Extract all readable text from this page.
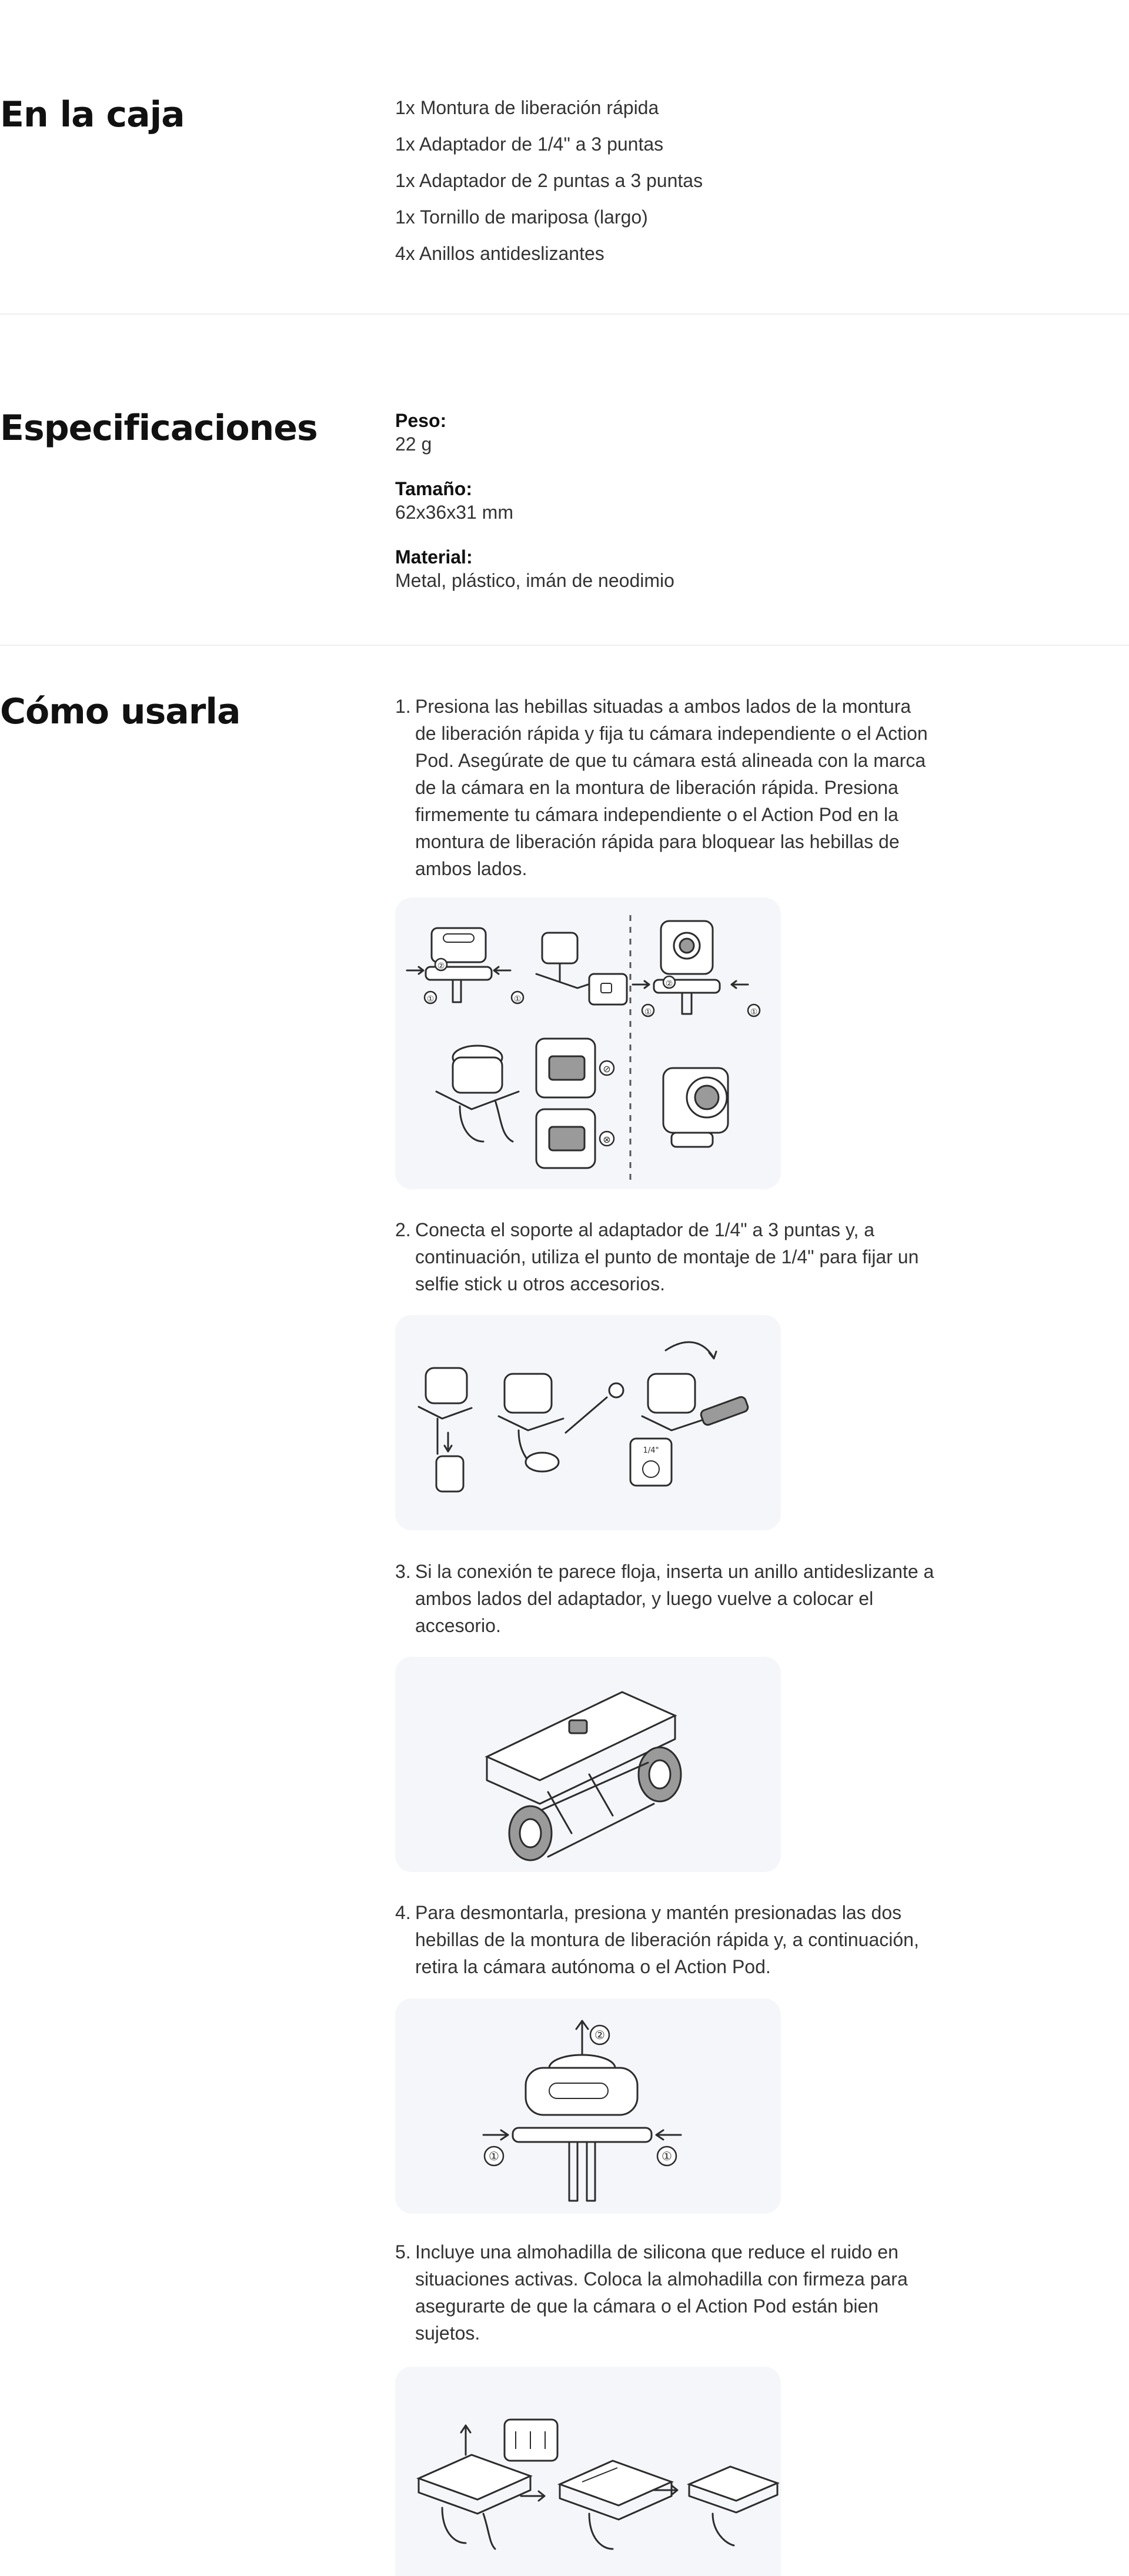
En la caja	1x Montura de liberación rápida
1x Adaptador de 1/4" a 3 puntas
1x Adaptador de 2 puntas a 3 puntas
1x Tornillo de mariposa (largo)
4x Anillos antideslizantes
Especificaciones	Peso:
22 g
Tamaño:
62x36x31 mm
Material:
Metal, plástico, imán de neodimio
Cómo usarla	1. Presiona las hebillas situadas a ambos lados de la montura de liberación rápida y fija tu cámara independiente o el Action Pod. Asegúrate de que tu cámara está alineada con la marca de la cámara en la montura de liberación rápida. Presiona firmemente tu cámara independiente o el Action Pod en la montura de liberación rápida para bloquear las hebillas de ambos lados.
②
①	①
②
①	①
⊘
⊗
2. Conecta el soporte al adaptador de 1/4" a 3 puntas y, a continuación, utiliza el punto de montaje de 1/4" para fijar un selfie stick u otros accesorios.
1/4"
3. Si la conexión te parece floja, inserta un anillo antideslizante a ambos lados del adaptador, y luego vuelve a colocar el accesorio.
4. Para desmontarla, presiona y mantén presionadas las dos hebillas de la montura de liberación rápida y, a continuación, retira la cámara autónoma o el Action Pod.
②
①	①
5. Incluye una almohadilla de silicona que reduce el ruido en situaciones activas. Coloca la almohadilla con firmeza para asegurarte de que la cámara o el Action Pod están bien sujetos.
